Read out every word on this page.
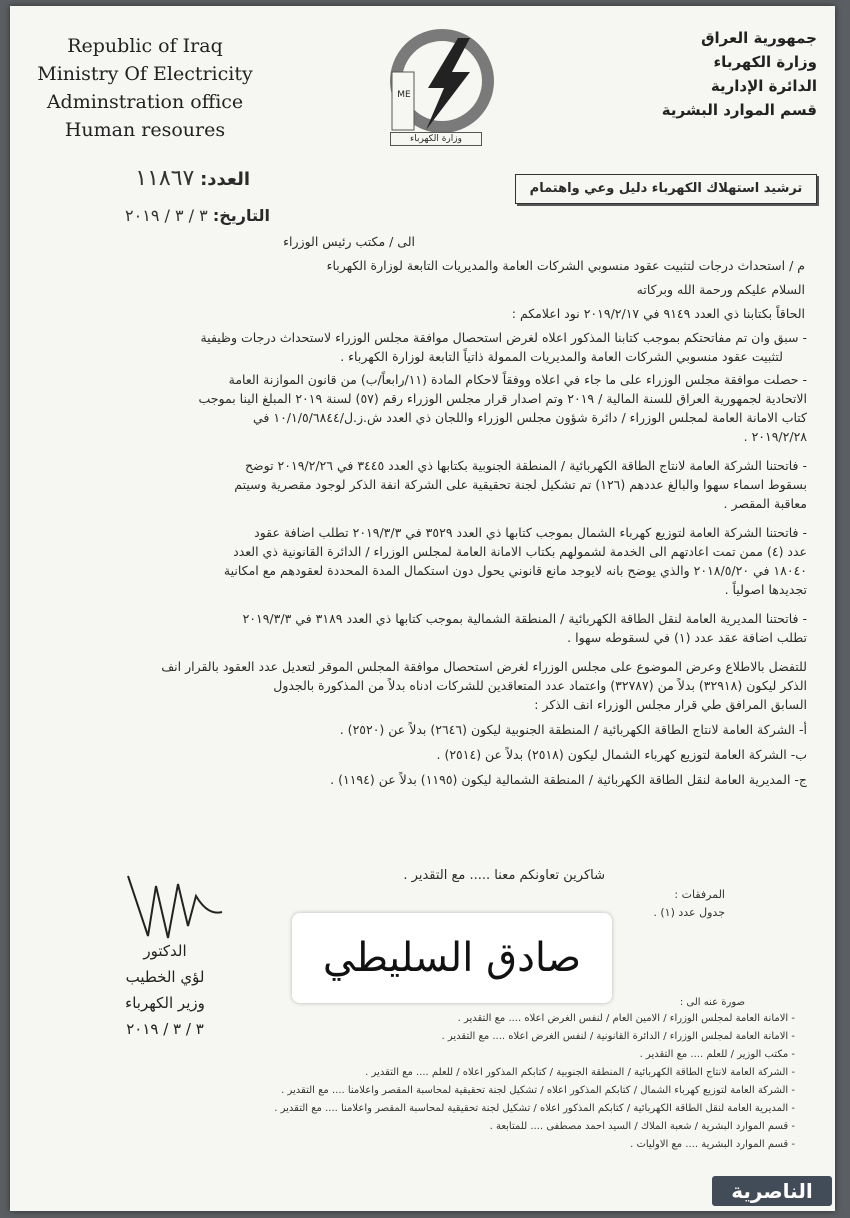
Republic of Iraq
Ministry Of Electricity
Adminstration office
Human resoures
ME
وزارة الكهرباء
جمهورية العراق
وزارة الكهرباء
الدائرة الإدارية
قسم الموارد البشرية
العدد: ١١٨٦٧
التاريخ: ٣ / ٣ / ٢٠١٩
ترشيد استهلاك الكهرباء دليل وعي واهتمام
الى / مكتب رئيس الوزراء
م / استحداث درجات لتثبيت عقود منسوبي الشركات العامة والمديريات التابعة لوزارة الكهرباء
السلام عليكم ورحمة الله وبركاته
الحاقاً بكتابنا ذي العدد ٩١٤٩ في ٢٠١٩/٢/١٧ نود اعلامكم :
- سبق وان تم مفاتحتكم بموجب كتابنا المذكور اعلاه لغرض استحصال موافقة مجلس الوزراء لاستحداث درجات وظيفية
لتثبيت عقود منسوبي الشركات العامة والمديريات الممولة ذاتياً التابعة لوزارة الكهرباء .
- حصلت موافقة مجلس الوزراء على ما جاء في اعلاه ووفقاً لاحكام المادة (١١/رابعاً/ب) من قانون الموازنة العامة
الاتحادية لجمهورية العراق للسنة المالية / ٢٠١٩ وتم اصدار قرار مجلس الوزراء رقم (٥٧) لسنة ٢٠١٩ المبلغ الينا بموجب
كتاب الامانة العامة لمجلس الوزراء / دائرة شؤون مجلس الوزراء واللجان ذي العدد ش.ز.ل/١٠/١/٥/٦٨٤٤ في
٢٠١٩/٢/٢٨ .
- فاتحتنا الشركة العامة لانتاج الطاقة الكهربائية / المنطقة الجنوبية بكتابها ذي العدد ٣٤٤٥ في ٢٠١٩/٢/٢٦ توضح
بسقوط اسماء سهوا والبالغ عددهم (١٢٦) تم تشكيل لجنة تحقيقية على الشركة انفة الذكر لوجود مقصرية وسيتم
معاقبة المقصر .
- فاتحتنا الشركة العامة لتوزيع كهرباء الشمال بموجب كتابها ذي العدد ٣٥٢٩ في ٢٠١٩/٣/٣ تطلب اضافة عقود
عدد (٤) ممن تمت اعادتهم الى الخدمة لشمولهم بكتاب الامانة العامة لمجلس الوزراء / الدائرة القانونية ذي العدد
١٨٠٤٠ في ٢٠١٨/٥/٢٠ والذي يوضح بانه لايوجد مانع قانوني يحول دون استكمال المدة المحددة لعقودهم مع امكانية
تجديدها اصولياً .
- فاتحتنا المديرية العامة لنقل الطاقة الكهربائية / المنطقة الشمالية بموجب كتابها ذي العدد ٣١٨٩ في ٢٠١٩/٣/٣
تطلب اضافة عقد عدد (١) في لسقوطه سهوا .
للتفضل بالاطلاع وعرض الموضوع على مجلس الوزراء لغرض استحصال موافقة المجلس الموقر لتعديل عدد العقود بالقرار انف
الذكر ليكون (٣٢٩١٨) بدلاً من (٣٢٧٨٧) واعتماد عدد المتعاقدين للشركات ادناه بدلاً من المذكورة بالجدول
السابق المرافق طي قرار مجلس الوزراء انف الذكر :
أ- الشركة العامة لانتاج الطاقة الكهربائية / المنطقة الجنوبية ليكون (٢٦٤٦) بدلاً عن (٢٥٢٠) .
ب- الشركة العامة لتوزيع كهرباء الشمال ليكون (٢٥١٨) بدلاً عن (٢٥١٤) .
ج- المديرية العامة لنقل الطاقة الكهربائية / المنطقة الشمالية ليكون (١١٩٥) بدلاً عن (١١٩٤) .
شاكرين تعاونكم معنا ..... مع التقدير .
المرفقات :
جدول عدد (١) .
صادق السليطي
الدكتور
لؤي الخطيب
وزير الكهرباء
٣ / ٣ / ٢٠١٩
صورة عنه الى :
- الامانة العامة لمجلس الوزراء / الامين العام / لنفس الغرض اعلاه .... مع التقدير .
- الامانة العامة لمجلس الوزراء / الدائرة القانونية / لنفس الغرض اعلاه .... مع التقدير .
- مكتب الوزير / للعلم .... مع التقدير .
- الشركة العامة لانتاج الطاقة الكهربائية / المنطقة الجنوبية / كتابكم المذكور اعلاه / للعلم .... مع التقدير .
- الشركة العامة لتوزيع كهرباء الشمال / كتابكم المذكور اعلاه / تشكيل لجنة تحقيقية لمحاسبة المقصر واعلامنا .... مع التقدير .
- المديرية العامة لنقل الطاقة الكهربائية / كتابكم المذكور اعلاه / تشكيل لجنة تحقيقية لمحاسبة المقصر واعلامنا .... مع التقدير .
- قسم الموارد البشرية / شعبة الملاك / السيد احمد مصطفى .... للمتابعة .
- قسم الموارد البشرية .... مع الاوليات .
الناصرية
